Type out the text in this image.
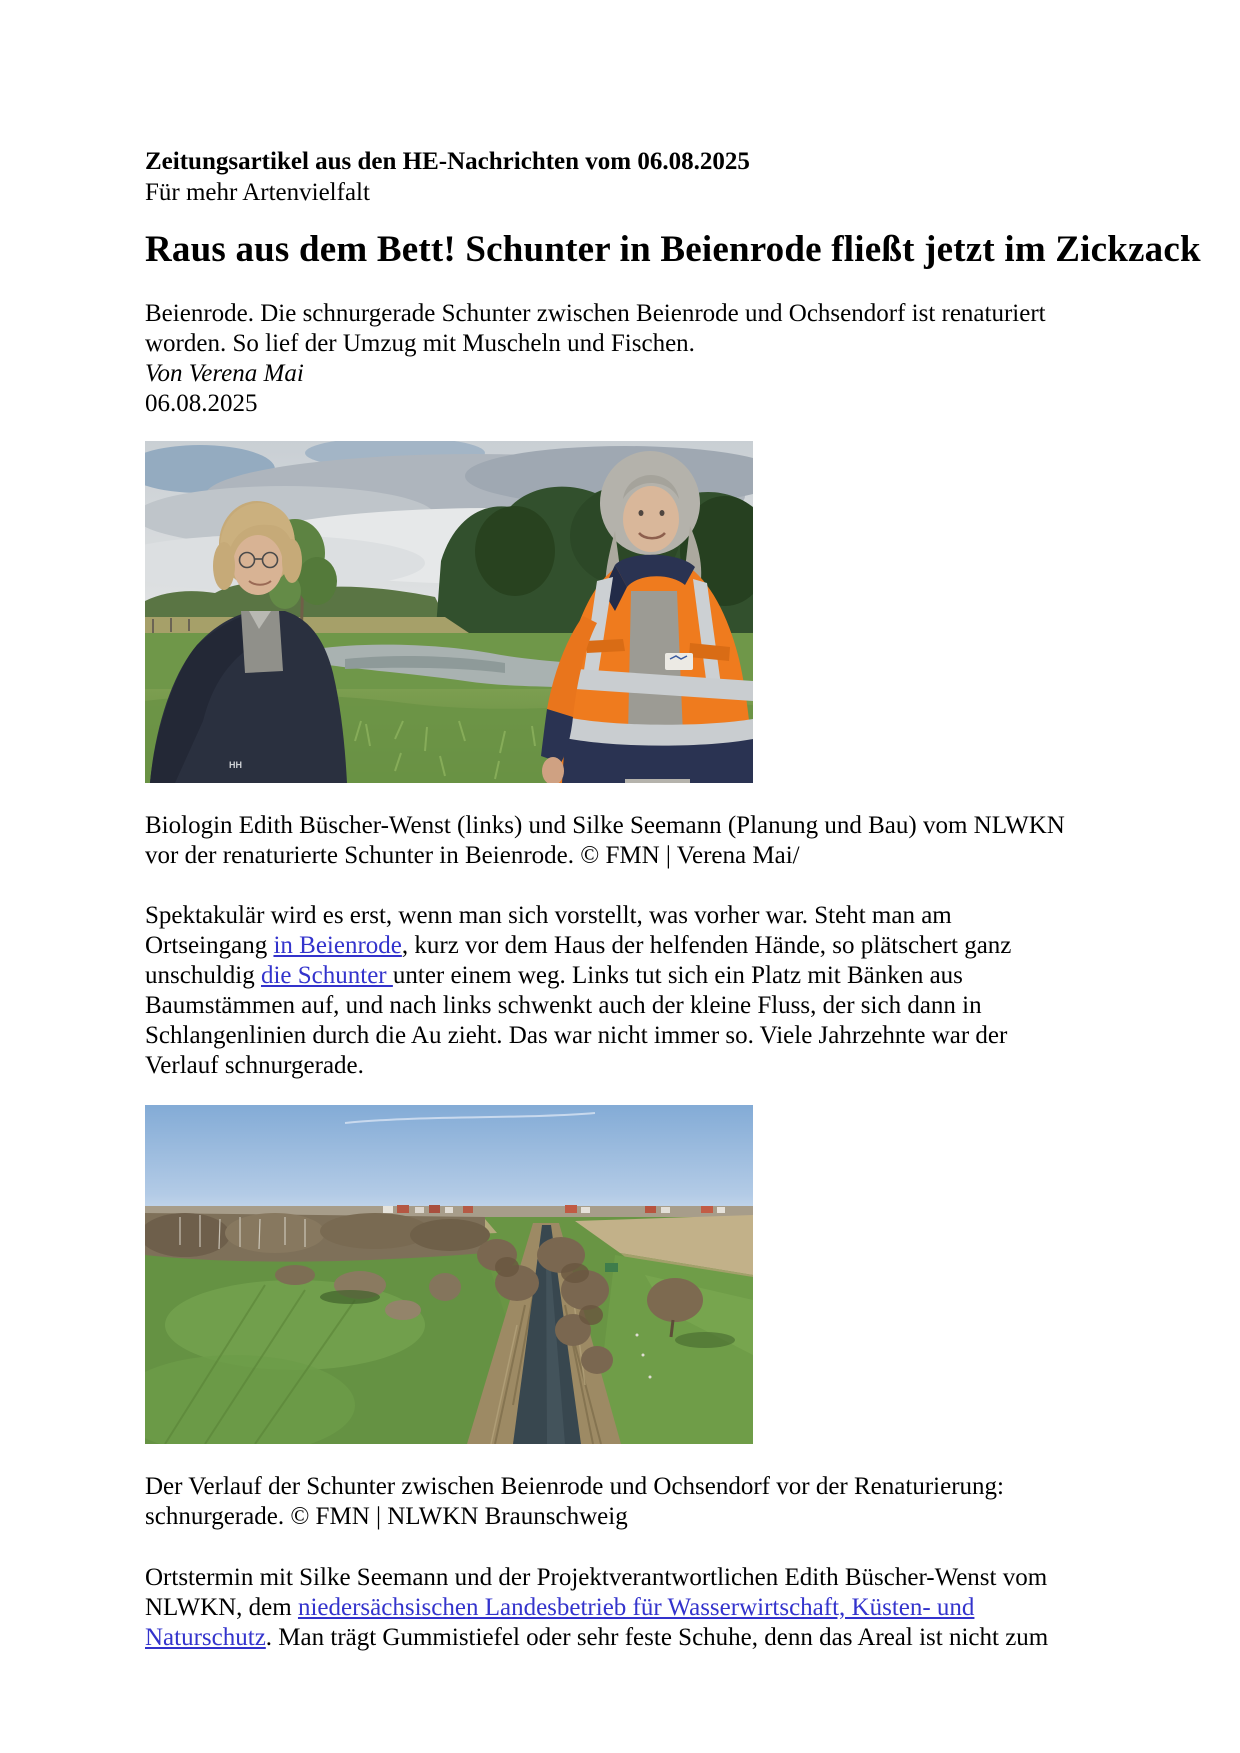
Zeitungsartikel aus den HE-Nachrichten vom 06.08.2025

Für mehr Artenvielfalt

Raus aus dem Bett! Schunter in Beienrode fließt jetzt im Zickzack

Beienrode. Die schnurgerade Schunter zwischen Beienrode und Ochsendorf ist renaturiert worden. So lief der Umzug mit Muscheln und Fischen.

Von Verena Mai

06.08.2025

HH

Biologin Edith Büscher-Wenst (links) und Silke Seemann (Planung und Bau) vom NLWKN vor der renaturierte Schunter in Beienrode. © FMN | Verena Mai/

Spektakulär wird es erst, wenn man sich vorstellt, was vorher war. Steht man am Ortseingang in Beienrode, kurz vor dem Haus der helfenden Hände, so plätschert ganz unschuldig die Schunter unter einem weg. Links tut sich ein Platz mit Bänken aus Baumstämmen auf, und nach links schwenkt auch der kleine Fluss, der sich dann in Schlangenlinien durch die Au zieht. Das war nicht immer so. Viele Jahrzehnte war der Verlauf schnurgerade.

Der Verlauf der Schunter zwischen Beienrode und Ochsendorf vor der Renaturierung: schnurgerade. © FMN | NLWKN Braunschweig

Ortstermin mit Silke Seemann und der Projektverantwortlichen Edith Büscher-Wenst vom NLWKN, dem niedersächsischen Landesbetrieb für Wasserwirtschaft, Küsten- und Naturschutz. Man trägt Gummistiefel oder sehr feste Schuhe, denn das Areal ist nicht zum
